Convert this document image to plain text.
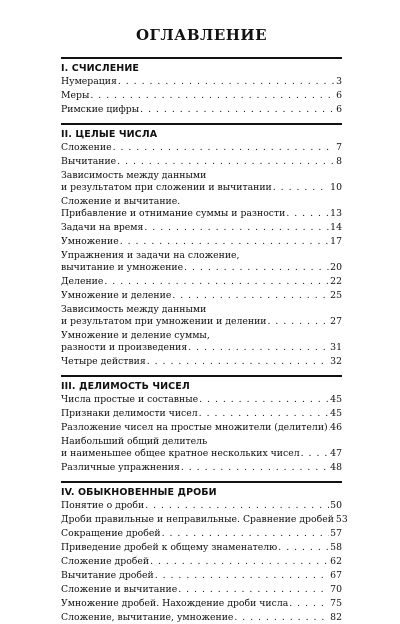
ОГЛАВЛЕНИЕ
I. СЧИСЛЕНИЕ
Нумерация . . .	3
Меры . . .	6
Римские цифры . . .	6
II. ЦЕЛЫЕ ЧИСЛА
Сложение . . .	7
Вычитание . . .	8
Зависимость между данными
и результатом при сложении и вычитании . . .	10
Сложение и вычитание.
Прибавление и отнимание суммы и разности . . .	13
Задачи на время . . .	14
Умножение . . .	17
Упражнения и задачи на сложение,
вычитание и умножение . . .	20
Деление . . .	22
Умножение и деление . . .	25
Зависимость между данными
и результатом при умножении и делении . . .	27
Умножение и деление суммы,
разности и произведения . . .	31
Четыре действия . . .	32
III. ДЕЛИМОСТЬ ЧИСЕЛ
Числа простые и составные . . .	45
Признаки делимости чисел . . .	45
Разложение чисел на простые множители (делители) . . . 46
Наибольший общий делитель
и наименьшее общее кратное нескольких чисел . . .	47
Различные упражнения . . .	48
IV. ОБЫКНОВЕННЫЕ ДРОБИ
Понятие о дроби . . .	50
Дроби правильные и неправильные. Сравнение дробей 53
Сокращение дробей . . .	57
Приведение дробей к общему знаменателю . . .	58
Сложение дробей . . .	62
Вычитание дробей . . .	67
Сложение и вычитание . . .	70
Умножение дробей. Нахождение дроби числа . . .	75
Сложение, вычитание, умножение . . .	82
